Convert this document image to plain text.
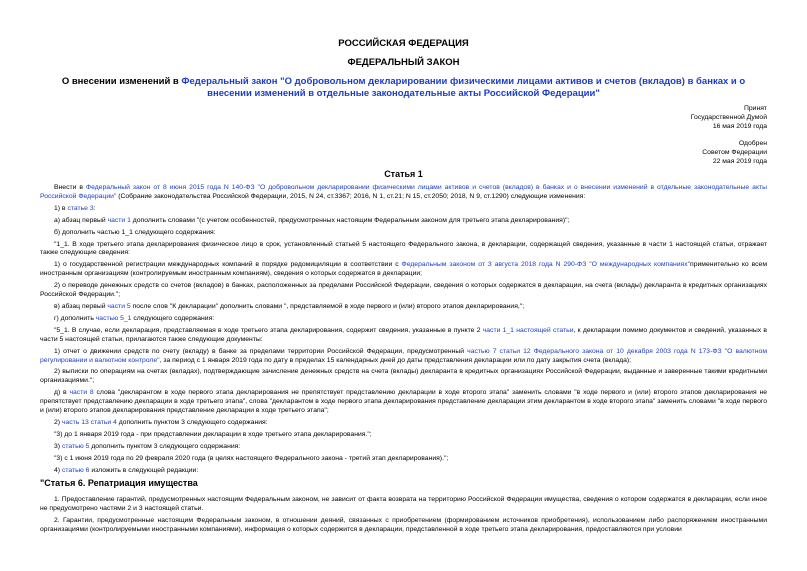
РОССИЙСКАЯ ФЕДЕРАЦИЯ
ФЕДЕРАЛЬНЫЙ ЗАКОН
О внесении изменений в Федеральный закон "О добровольном декларировании физическими лицами активов и счетов (вкладов) в банках и о внесении изменений в отдельные законодательные акты Российской Федерации"
Принят
Государственной Думой
16 мая 2019 года
Одобрен
Советом Федерации
22 мая 2019 года
Статья 1

Внести в Федеральный закон от 8 июня 2015 года N 140-ФЗ "О добровольном декларировании физическими лицами активов и счетов (вкладов) в банках и о внесении изменений в отдельные законодательные акты Российской Федерации" (Собрание законодательства Российской Федерации, 2015, N 24, ст.3367; 2016, N 1, ст.21; N 15, ст.2050; 2018, N 9, ст.1290) следующие изменения:

1) в статье 3:

а) абзац первый части 1 дополнить словами "(с учетом особенностей, предусмотренных настоящим Федеральным законом для третьего этапа декларирования)";

б) дополнить частью 1_1 следующего содержания:

"1_1. В ходе третьего этапа декларирования физическое лицо в срок, установленный статьей 5 настоящего Федерального закона, в декларации, содержащей сведения, указанные в части 1 настоящей статьи, отражает также следующие сведения:

1) о государственной регистрации международных компаний в порядке редомициляции в соответствии с Федеральным законом от 3 августа 2018 года N 290-ФЗ "О международных компаниях"применительно ко всем иностранным организациям (контролируемым иностранным компаниям), сведения о которых содержатся в декларации;

2) о переводе денежных средств со счетов (вкладов) в банках, расположенных за пределами Российской Федерации, сведения о которых содержатся в декларации, на счета (вклады) декларанта в кредитных организациях Российской Федерации.";

в) абзац первый части 5 после слов "К декларации" дополнить словами ", представляемой в ходе первого и (или) второго этапов декларирования,";

г) дополнить частью 5_1 следующего содержания:

"5_1. В случае, если декларация, представляемая в ходе третьего этапа декларирования, содержит сведения, указанные в пункте 2 части 1_1 настоящей статьи, к декларации помимо документов и сведений, указанных в части 5 настоящей статьи, прилагаются также следующие документы:

1) отчет о движении средств по счету (вкладу) в банке за пределами территории Российской Федерации, предусмотренный частью 7 статьи 12 Федерального закона от 10 декабря 2003 года N 173-ФЗ "О валютном регулировании и валютном контроле", за период с 1 января 2019 года по дату в пределах 15 календарных дней до даты представления декларации или по дату закрытия счета (вклада);

2) выписки по операциям на счетах (вкладах), подтверждающие зачисление денежных средств на счета (вклады) декларанта в кредитных организациях Российской Федерации, выданные и заверенные такими кредитными организациями.";

д) в части 8 слова "декларантом в ходе первого этапа декларирования не препятствует представлению декларации в ходе второго этапа" заменить словами "в ходе первого и (или) второго этапов декларирования не препятствует представлению декларации в ходе третьего этапа", слова "декларантом в ходе первого этапа декларирования представление декларации этим декларантом в ходе второго этапа" заменить словами "в ходе первого и (или) второго этапов декларирования представление декларации в ходе третьего этапа";

2) часть 13 статьи 4 дополнить пунктом 3 следующего содержания:

"3) до 1 января 2019 года - при представлении декларации в ходе третьего этапа декларирования.";

3) статью 5 дополнить пунктом 3 следующего содержания:

"3) с 1 июня 2019 года по 29 февраля 2020 года (в целях настоящего Федерального закона - третий этап декларирования).";

4) статью 6 изложить в следующей редакции:

"Статья 6. Репатриация имущества

1. Предоставление гарантий, предусмотренных настоящим Федеральным законом, не зависит от факта возврата на территорию Российской Федерации имущества, сведения о котором содержатся в декларации, если иное не предусмотрено частями 2 и 3 настоящей статьи.

2. Гарантии, предусмотренные настоящим Федеральным законом, в отношении деяний, связанных с приобретением (формированием источников приобретения), использованием либо распоряжением иностранными организациями (контролируемыми иностранными компаниями), информация о которых содержится в декларации, представленной в ходе третьего этапа декларирования, предоставляются при условии
